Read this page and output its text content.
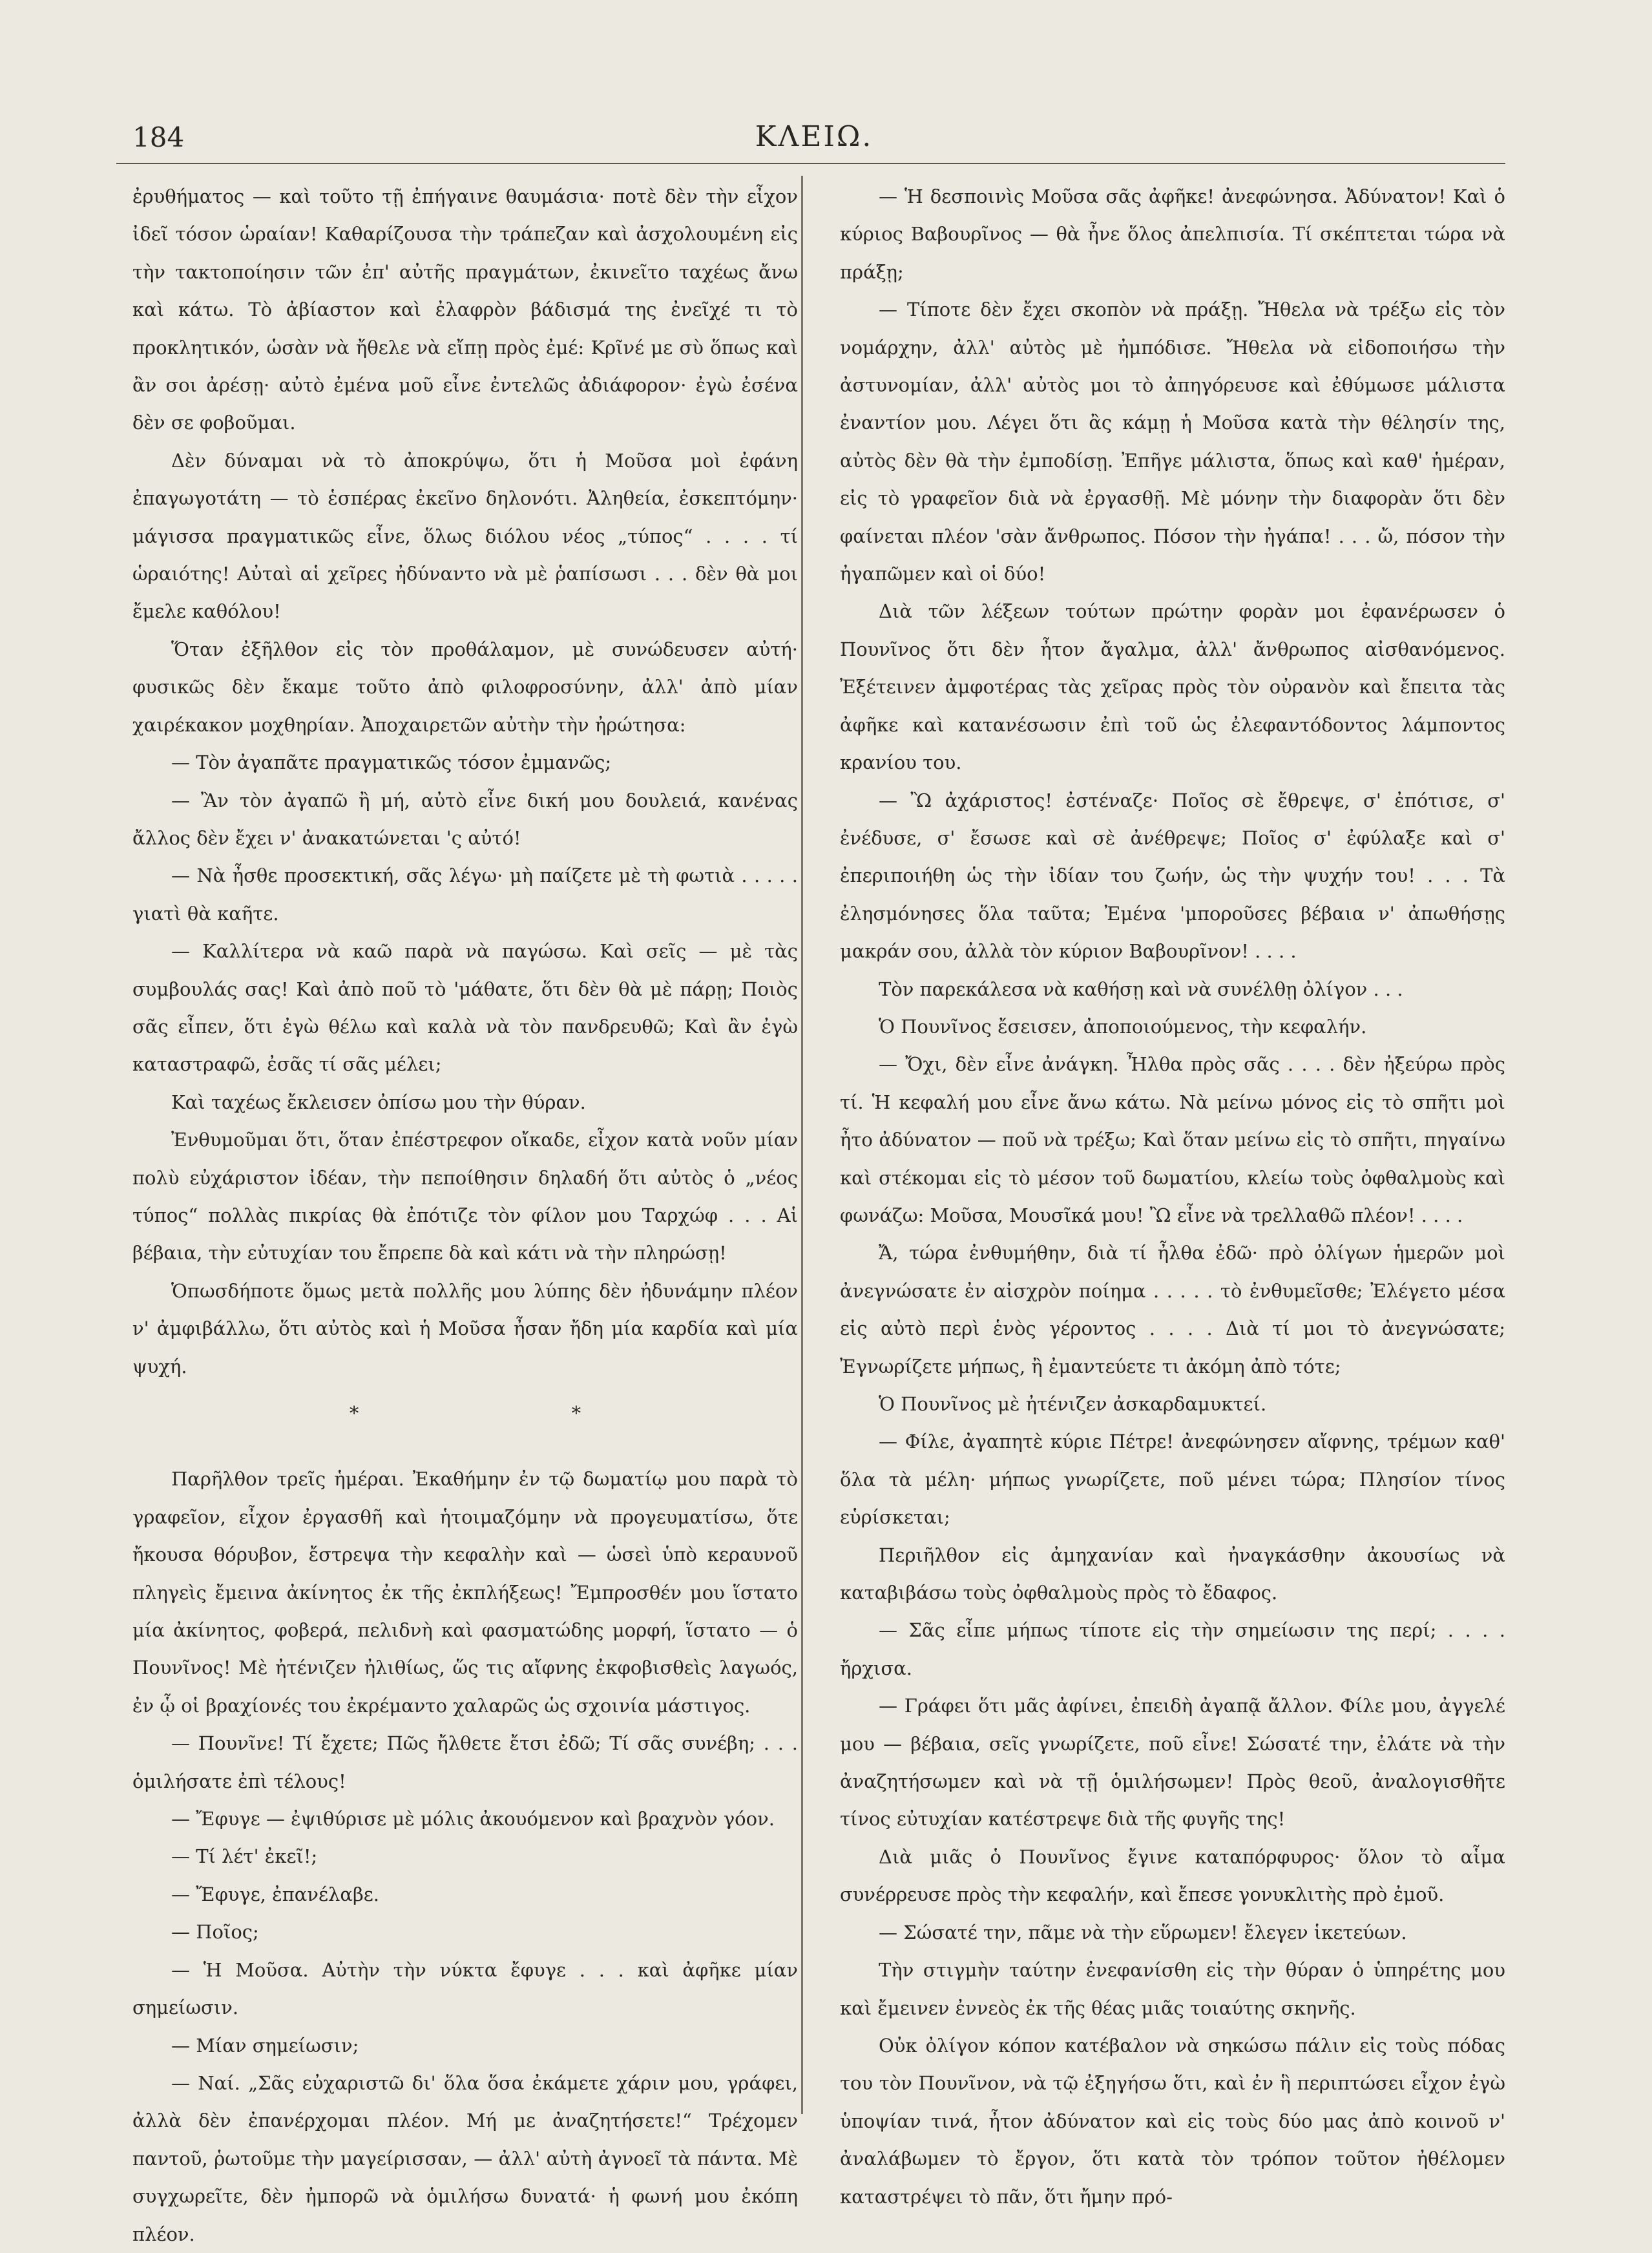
184	ΚΛΕΙΩ.

ἐρυθήματος — καὶ τοῦτο τῇ ἐπήγαινε θαυμάσια· ποτὲ δὲν τὴν εἶχον ἰδεῖ τόσον ὡραίαν! Καθαρίζουσα τὴν τράπεζαν καὶ ἀσχολουμένη εἰς τὴν τακτοποίησιν τῶν ἐπ' αὐτῆς πραγμάτων, ἐκινεῖτο ταχέως ἄνω καὶ κάτω. Τὸ ἀβίαστον καὶ ἐλαφρὸν βάδισμά της ἐνεῖχέ τι τὸ προκλητικόν, ὡσὰν νὰ ἤθελε νὰ εἴπῃ πρὸς ἐμέ: Κρῖνέ με σὺ ὅπως καὶ ἂν σοι ἀρέσῃ· αὐτὸ ἐμένα μοῦ εἶνε ἐντελῶς ἀδιάφορον· ἐγὼ ἐσένα δὲν σε φοβοῦμαι.

Δὲν δύναμαι νὰ τὸ ἀποκρύψω, ὅτι ἡ Μοῦσα μοὶ ἐφάνη ἐπαγωγοτάτη — τὸ ἑσπέρας ἐκεῖνο δηλονότι. Ἀληθεία, ἐσκεπτόμην· μάγισσα πραγματικῶς εἶνε, ὅλως διόλου νέος „τύπος“ . . . . τί ὡραιότης! Αὐταὶ αἱ χεῖρες ἠδύναντο νὰ μὲ ῥαπίσωσι . . . δὲν θὰ μοι ἔμελε καθόλου!

Ὅταν ἐξῆλθον εἰς τὸν προθάλαμον, μὲ συνώδευσεν αὐτή· φυσικῶς δὲν ἔκαμε τοῦτο ἀπὸ φιλοφροσύνην, ἀλλ' ἀπὸ μίαν χαιρέκακον μοχθηρίαν. Ἀποχαιρετῶν αὐτὴν τὴν ἠρώτησα:

— Τὸν ἀγαπᾶτε πραγματικῶς τόσον ἐμμανῶς;

— Ἂν τὸν ἀγαπῶ ἢ μή, αὐτὸ εἶνε δική μου δουλειά, κανένας ἄλλος δὲν ἔχει ν' ἀνακατώνεται 'ς αὐτό!

— Νὰ ἦσθε προσεκτική, σᾶς λέγω· μὴ παίζετε μὲ τὴ φωτιὰ . . . . . γιατὶ θὰ καῆτε.

— Καλλίτερα νὰ καῶ παρὰ νὰ παγώσω. Καὶ σεῖς — μὲ τὰς συμβουλάς σας! Καὶ ἀπὸ ποῦ τὸ 'μάθατε, ὅτι δὲν θὰ μὲ πάρῃ; Ποιὸς σᾶς εἶπεν, ὅτι ἐγὼ θέλω καὶ καλὰ νὰ τὸν πανδρευθῶ; Καὶ ἂν ἐγὼ καταστραφῶ, ἐσᾶς τί σᾶς μέλει;

Καὶ ταχέως ἔκλεισεν ὀπίσω μου τὴν θύραν.

Ἐνθυμοῦμαι ὅτι, ὅταν ἐπέστρεφον οἴκαδε, εἶχον κατὰ νοῦν μίαν πολὺ εὐχάριστον ἰδέαν, τὴν πεποίθησιν δηλαδή ὅτι αὐτὸς ὁ „νέος τύπος“ πολλὰς πικρίας θὰ ἐπότιζε τὸν φίλον μου Ταρχώφ . . . Αἱ βέβαια, τὴν εὐτυχίαν του ἔπρεπε δὰ καὶ κάτι νὰ τὴν πληρώσῃ!

Ὁπωσδήποτε ὅμως μετὰ πολλῆς μου λύπης δὲν ἠδυνάμην πλέον ν' ἀμφιβάλλω, ὅτι αὐτὸς καὶ ἡ Μοῦσα ἦσαν ἤδη μία καρδία καὶ μία ψυχή.

* *

Παρῆλθον τρεῖς ἡμέραι. Ἐκαθήμην ἐν τῷ δωματίῳ μου παρὰ τὸ γραφεῖον, εἶχον ἐργασθῆ καὶ ἡτοιμαζόμην νὰ προγευματίσω, ὅτε ἤκουσα θόρυβον, ἔστρεψα τὴν κεφαλὴν καὶ — ὡσεὶ ὑπὸ κεραυνοῦ πληγεὶς ἔμεινα ἀκίνητος ἐκ τῆς ἐκπλήξεως! Ἔμπροσθέν μου ἵστατο μία ἀκίνητος, φοβερά, πελιδνὴ καὶ φασματώδης μορφή, ἵστατο — ὁ Πουνῖνος! Μὲ ἠτένιζεν ἠλιθίως, ὥς τις αἴφνης ἐκφοβισθεὶς λαγωός, ἐν ᾧ οἱ βραχίονές του ἐκρέμαντο χαλαρῶς ὡς σχοινία μάστιγος.

— Πουνῖνε! Τί ἔχετε; Πῶς ἤλθετε ἔτσι ἐδῶ; Τί σᾶς συνέβη; . . . ὁμιλήσατε ἐπὶ τέλους!

— Ἔφυγε — ἐψιθύρισε μὲ μόλις ἀκουόμενον καὶ βραχνὸν γόον.

— Τί λέτ' ἐκεῖ!;

— Ἔφυγε, ἐπανέλαβε.

— Ποῖος;

— Ἡ Μοῦσα. Αὐτὴν τὴν νύκτα ἔφυγε . . . καὶ ἀφῆκε μίαν σημείωσιν.

— Μίαν σημείωσιν;

— Ναί. „Σᾶς εὐχαριστῶ δι' ὅλα ὅσα ἐκάμετε χάριν μου, γράφει, ἀλλὰ δὲν ἐπανέρχομαι πλέον. Μή με ἀναζητήσετε!“ Τρέχομεν παντοῦ, ῥωτοῦμε τὴν μαγείρισσαν, — ἀλλ' αὐτὴ ἀγνοεῖ τὰ πάντα. Μὲ συγχωρεῖτε, δὲν ἠμπορῶ νὰ ὁμιλήσω δυνατά· ἡ φωνή μου ἐκόπη πλέον.

— Ἡ δεσποινὶς Μοῦσα σᾶς ἀφῆκε! ἀνεφώνησα. Ἀδύνατον! Καὶ ὁ κύριος Βαβουρῖνος — θὰ ἦνε ὅλος ἀπελπισία. Τί σκέπτεται τώρα νὰ πράξῃ;

— Τίποτε δὲν ἔχει σκοπὸν νὰ πράξῃ. Ἤθελα νὰ τρέξω εἰς τὸν νομάρχην, ἀλλ' αὐτὸς μὲ ἠμπόδισε. Ἤθελα νὰ εἰδοποιήσω τὴν ἀστυνομίαν, ἀλλ' αὐτὸς μοι τὸ ἀπηγόρευσε καὶ ἐθύμωσε μάλιστα ἐναντίον μου. Λέγει ὅτι ἂς κάμῃ ἡ Μοῦσα κατὰ τὴν θέλησίν της, αὐτὸς δὲν θὰ τὴν ἐμποδίσῃ. Ἐπῆγε μάλιστα, ὅπως καὶ καθ' ἡμέραν, εἰς τὸ γραφεῖον διὰ νὰ ἐργασθῇ. Μὲ μόνην τὴν διαφορὰν ὅτι δὲν φαίνεται πλέον 'σὰν ἄνθρωπος. Πόσον τὴν ἠγάπα! . . . ὤ, πόσον τὴν ἠγαπῶμεν καὶ οἱ δύο!

Διὰ τῶν λέξεων τούτων πρώτην φορὰν μοι ἐφανέρωσεν ὁ Πουνῖνος ὅτι δὲν ἦτον ἄγαλμα, ἀλλ' ἄνθρωπος αἰσθανόμενος. Ἐξέτεινεν ἀμφοτέρας τὰς χεῖρας πρὸς τὸν οὐρανὸν καὶ ἔπειτα τὰς ἀφῆκε καὶ κατανέσωσιν ἐπὶ τοῦ ὡς ἐλεφαντόδοντος λάμποντος κρανίου του.

— Ὢ ἀχάριστος! ἐστέναζε· Ποῖος σὲ ἔθρεψε, σ' ἐπότισε, σ' ἐνέδυσε, σ' ἔσωσε καὶ σὲ ἀνέθρεψε; Ποῖος σ' ἐφύλαξε καὶ σ' ἐπεριποιήθη ὡς τὴν ἰδίαν του ζωήν, ὡς τὴν ψυχήν του! . . . Τὰ ἐλησμόνησες ὅλα ταῦτα; Ἐμένα 'μποροῦσες βέβαια ν' ἀπωθήσῃς μακράν σου, ἀλλὰ τὸν κύριον Βαβουρῖνον! . . . .

Τὸν παρεκάλεσα νὰ καθήσῃ καὶ νὰ συνέλθῃ ὀλίγον . . .

Ὁ Πουνῖνος ἔσεισεν, ἀποποιούμενος, τὴν κεφαλήν.

— Ὄχι, δὲν εἶνε ἀνάγκη. Ἦλθα πρὸς σᾶς . . . . δὲν ἠξεύρω πρὸς τί. Ἡ κεφαλή μου εἶνε ἄνω κάτω. Νὰ μείνω μόνος εἰς τὸ σπῆτι μοὶ ἦτο ἀδύνατον — ποῦ νὰ τρέξω; Καὶ ὅταν μείνω εἰς τὸ σπῆτι, πηγαίνω καὶ στέκομαι εἰς τὸ μέσον τοῦ δωματίου, κλείω τοὺς ὀφθαλμοὺς καὶ φωνάζω: Μοῦσα, Μουσῖκά μου! Ὢ εἶνε νὰ τρελλαθῶ πλέον! . . . .

Ἄ, τώρα ἐνθυμήθην, διὰ τί ἦλθα ἐδῶ· πρὸ ὀλίγων ἡμερῶν μοὶ ἀνεγνώσατε ἐν αἰσχρὸν ποίημα . . . . . τὸ ἐνθυμεῖσθε; Ἐλέγετο μέσα εἰς αὐτὸ περὶ ἑνὸς γέροντος . . . . Διὰ τί μοι τὸ ἀνεγνώσατε; Ἐγνωρίζετε μήπως, ἢ ἐμαντεύετε τι ἀκόμη ἀπὸ τότε;

Ὁ Πουνῖνος μὲ ἠτένιζεν ἀσκαρδαμυκτεί.

— Φίλε, ἀγαπητὲ κύριε Πέτρε! ἀνεφώνησεν αἴφνης, τρέμων καθ' ὅλα τὰ μέλη· μήπως γνωρίζετε, ποῦ μένει τώρα; Πλησίον τίνος εὑρίσκεται;

Περιῆλθον εἰς ἀμηχανίαν καὶ ἠναγκάσθην ἀκουσίως νὰ καταβιβάσω τοὺς ὀφθαλμοὺς πρὸς τὸ ἔδαφος.

— Σᾶς εἶπε μήπως τίποτε εἰς τὴν σημείωσιν της περί; . . . . ἤρχισα.

— Γράφει ὅτι μᾶς ἀφίνει, ἐπειδὴ ἀγαπᾷ ἄλλον. Φίλε μου, ἀγγελέ μου — βέβαια, σεῖς γνωρίζετε, ποῦ εἶνε! Σώσατέ την, ἐλάτε νὰ τὴν ἀναζητήσωμεν καὶ νὰ τῇ ὁμιλήσωμεν! Πρὸς θεοῦ, ἀναλογισθῆτε τίνος εὐτυχίαν κατέστρεψε διὰ τῆς φυγῆς της!

Διὰ μιᾶς ὁ Πουνῖνος ἔγινε καταπόρφυρος· ὅλον τὸ αἷμα συνέρρευσε πρὸς τὴν κεφαλήν, καὶ ἔπεσε γονυκλιτὴς πρὸ ἐμοῦ.

— Σώσατέ την, πᾶμε νὰ τὴν εὕρωμεν! ἔλεγεν ἱκετεύων.

Τὴν στιγμὴν ταύτην ἐνεφανίσθη εἰς τὴν θύραν ὁ ὑπηρέτης μου καὶ ἔμεινεν ἐννεὸς ἐκ τῆς θέας μιᾶς τοιαύτης σκηνῆς.

Οὐκ ὀλίγον κόπον κατέβαλον νὰ σηκώσω πάλιν εἰς τοὺς πόδας του τὸν Πουνῖνον, νὰ τῷ ἐξηγήσω ὅτι, καὶ ἐν ἣ περιπτώσει εἶχον ἐγὼ ὑποψίαν τινά, ἦτον ἀδύνατον καὶ εἰς τοὺς δύο μας ἀπὸ κοινοῦ ν' ἀναλάβωμεν τὸ ἔργον, ὅτι κατὰ τὸν τρόπον τοῦτον ἠθέλομεν καταστρέψει τὸ πᾶν, ὅτι ἤμην πρό-
